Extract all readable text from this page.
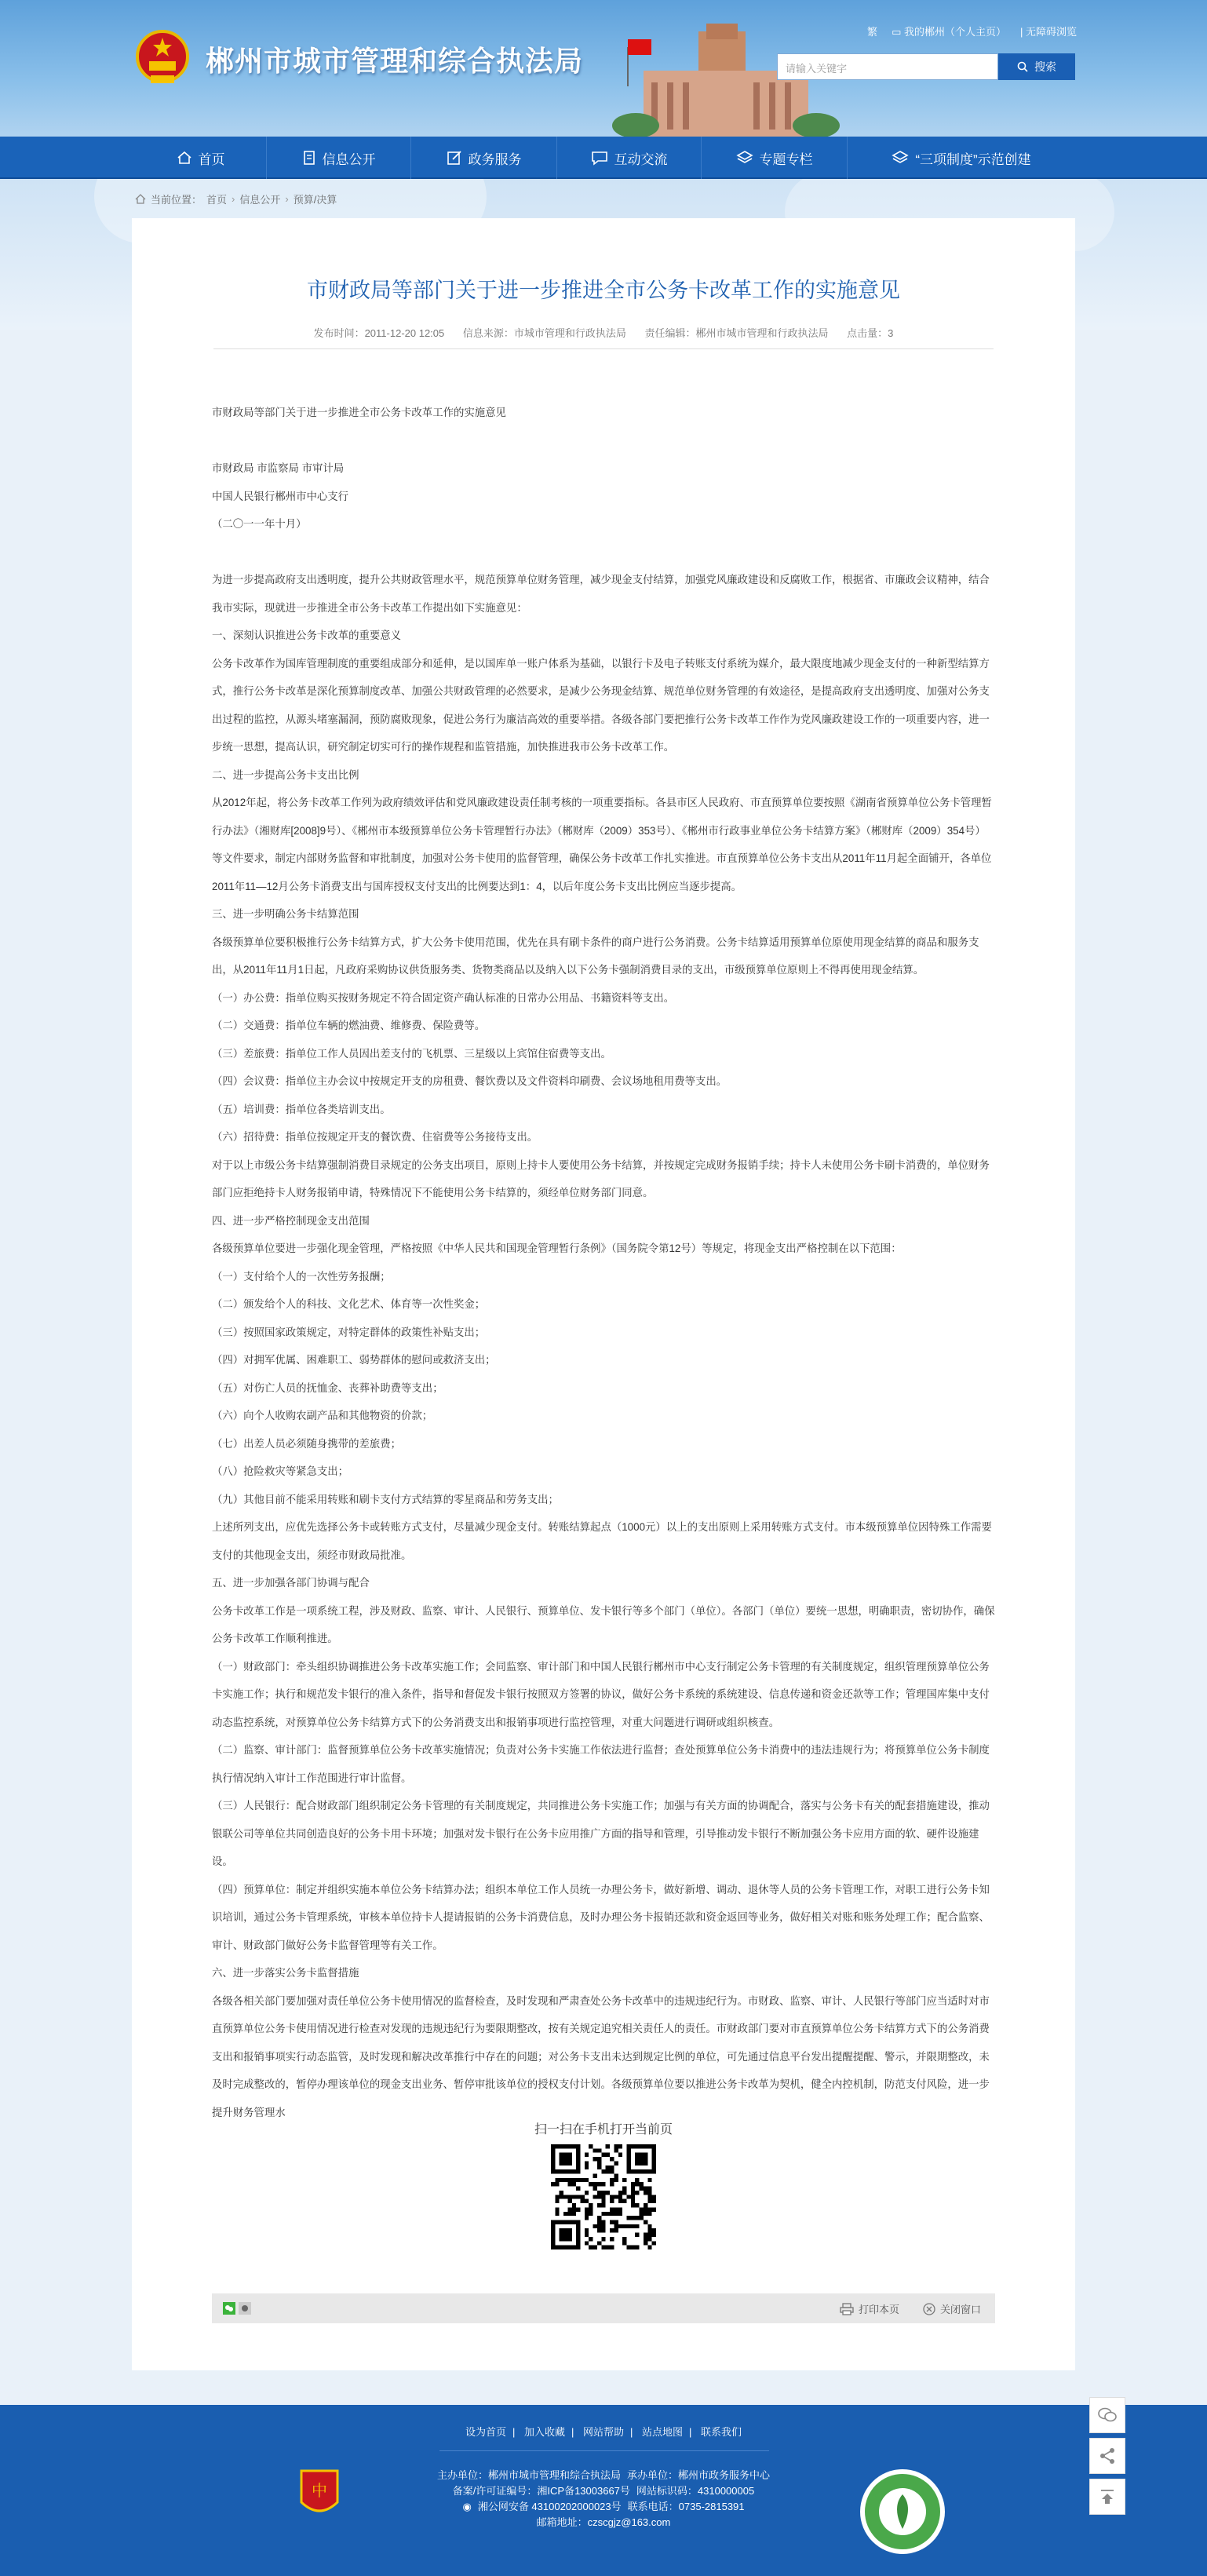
繁 ▭ 我的郴州（个人主页） | 无障碍浏览
郴州市城市管理和综合执法局	请输入关键字	搜索
首页	信息公开	政务服务	互动交流	专题专栏	“三项制度”示范创建
当前位置： 首页 › 信息公开 › 预算/决算
市财政局等部门关于进一步推进全市公务卡改革工作的实施意见
发布时间：2011-12-20 12:05 信息来源：市城市管理和行政执法局 责任编辑：郴州市城市管理和行政执法局 点击量：3

市财政局等部门关于进一步推进全市公务卡改革工作的实施意见

市财政局 市监察局 市审计局

中国人民银行郴州市中心支行

（二〇一一年十月）

为进一步提高政府支出透明度，提升公共财政管理水平，规范预算单位财务管理，减少现金支付结算，加强党风廉政建设和反腐败工作，根据省、市廉政会议精神，结合我市实际，现就进一步推进全市公务卡改革工作提出如下实施意见：

一、深刻认识推进公务卡改革的重要意义

公务卡改革作为国库管理制度的重要组成部分和延伸，是以国库单一账户体系为基础，以银行卡及电子转账支付系统为媒介，最大限度地减少现金支付的一种新型结算方式，推行公务卡改革是深化预算制度改革、加强公共财政管理的必然要求，是减少公务现金结算、规范单位财务管理的有效途径，是提高政府支出透明度、加强对公务支出过程的监控，从源头堵塞漏洞，预防腐败现象，促进公务行为廉洁高效的重要举措。各级各部门要把推行公务卡改革工作作为党风廉政建设工作的一项重要内容，进一步统一思想，提高认识，研究制定切实可行的操作规程和监管措施，加快推进我市公务卡改革工作。

二、进一步提高公务卡支出比例

从2012年起，将公务卡改革工作列为政府绩效评估和党风廉政建设责任制考核的一项重要指标。各县市区人民政府、市直预算单位要按照《湖南省预算单位公务卡管理暂行办法》（湘财库[2008]9号）、《郴州市本级预算单位公务卡管理暂行办法》（郴财库（2009）353号）、《郴州市行政事业单位公务卡结算方案》（郴财库（2009）354号）等文件要求，制定内部财务监督和审批制度，加强对公务卡使用的监督管理，确保公务卡改革工作扎实推进。市直预算单位公务卡支出从2011年11月起全面铺开，各单位2011年11—12月公务卡消费支出与国库授权支付支出的比例要达到1：4，以后年度公务卡支出比例应当逐步提高。

三、进一步明确公务卡结算范围

各级预算单位要积极推行公务卡结算方式，扩大公务卡使用范围，优先在具有刷卡条件的商户进行公务消费。公务卡结算适用预算单位原使用现金结算的商品和服务支出，从2011年11月1日起，凡政府采购协议供货服务类、货物类商品以及纳入以下公务卡强制消费目录的支出，市级预算单位原则上不得再使用现金结算。

（一）办公费：指单位购买按财务规定不符合固定资产确认标准的日常办公用品、书籍资料等支出。

（二）交通费：指单位车辆的燃油费、维修费、保险费等。

（三）差旅费：指单位工作人员因出差支付的飞机票、三星级以上宾馆住宿费等支出。

（四）会议费：指单位主办会议中按规定开支的房租费、餐饮费以及文件资料印刷费、会议场地租用费等支出。

（五）培训费：指单位各类培训支出。

（六）招待费：指单位按规定开支的餐饮费、住宿费等公务接待支出。

对于以上市级公务卡结算强制消费目录规定的公务支出项目，原则上持卡人要使用公务卡结算，并按规定完成财务报销手续；持卡人未使用公务卡刷卡消费的，单位财务部门应拒绝持卡人财务报销申请，特殊情况下不能使用公务卡结算的，须经单位财务部门同意。

四、进一步严格控制现金支出范围

各级预算单位要进一步强化现金管理，严格按照《中华人民共和国现金管理暂行条例》（国务院令第12号）等规定，将现金支出严格控制在以下范围：

（一）支付给个人的一次性劳务报酬；

（二）颁发给个人的科技、文化艺术、体育等一次性奖金；

（三）按照国家政策规定，对特定群体的政策性补贴支出；

（四）对拥军优属、困难职工、弱势群体的慰问或救济支出；

（五）对伤亡人员的抚恤金、丧葬补助费等支出；

（六）向个人收购农副产品和其他物资的价款；

（七）出差人员必须随身携带的差旅费；

（八）抢险救灾等紧急支出；

（九）其他目前不能采用转账和刷卡支付方式结算的零星商品和劳务支出；

上述所列支出，应优先选择公务卡或转账方式支付，尽量减少现金支付。转账结算起点（1000元）以上的支出原则上采用转账方式支付。市本级预算单位因特殊工作需要支付的其他现金支出，须经市财政局批准。

五、进一步加强各部门协调与配合

公务卡改革工作是一项系统工程，涉及财政、监察、审计、人民银行、预算单位、发卡银行等多个部门（单位）。各部门（单位）要统一思想，明确职责，密切协作，确保公务卡改革工作顺利推进。

（一）财政部门：牵头组织协调推进公务卡改革实施工作；会同监察、审计部门和中国人民银行郴州市中心支行制定公务卡管理的有关制度规定，组织管理预算单位公务卡实施工作；执行和规范发卡银行的准入条件，指导和督促发卡银行按照双方签署的协议，做好公务卡系统的系统建设、信息传递和资金还款等工作；管理国库集中支付动态监控系统，对预算单位公务卡结算方式下的公务消费支出和报销事项进行监控管理，对重大问题进行调研或组织核查。

（二）监察、审计部门：监督预算单位公务卡改革实施情况；负责对公务卡实施工作依法进行监督；查处预算单位公务卡消费中的违法违规行为；将预算单位公务卡制度执行情况纳入审计工作范围进行审计监督。

（三）人民银行：配合财政部门组织制定公务卡管理的有关制度规定，共同推进公务卡实施工作；加强与有关方面的协调配合，落实与公务卡有关的配套措施建设，推动银联公司等单位共同创造良好的公务卡用卡环境；加强对发卡银行在公务卡应用推广方面的指导和管理，引导推动发卡银行不断加强公务卡应用方面的软、硬件设施建设。

（四）预算单位：制定并组织实施本单位公务卡结算办法；组织本单位工作人员统一办理公务卡，做好新增、调动、退休等人员的公务卡管理工作，对职工进行公务卡知识培训，通过公务卡管理系统，审核本单位持卡人提请报销的公务卡消费信息，及时办理公务卡报销还款和资金返回等业务，做好相关对账和账务处理工作；配合监察、审计、财政部门做好公务卡监督管理等有关工作。

六、进一步落实公务卡监督措施

各级各相关部门要加强对责任单位公务卡使用情况的监督检查，及时发现和严肃查处公务卡改革中的违规违纪行为。市财政、监察、审计、人民银行等部门应当适时对市直预算单位公务卡使用情况进行检查对发现的违规违纪行为要限期整改，按有关规定追究相关责任人的责任。市财政部门要对市直预算单位公务卡结算方式下的公务消费支出和报销事项实行动态监管，及时发现和解决改革推行中存在的问题；对公务卡支出未达到规定比例的单位，可先通过信息平台发出提醒提醒、警示，并限期整改，未及时完成整改的，暂停办理该单位的现金支出业务、暂停审批该单位的授权支付计划。各级预算单位要以推进公务卡改革为契机，健全内控机制，防范支付风险，进一步提升财务管理水

扫一扫在手机打开当前页
打印本页	关闭窗口
设为首页 | 加入收藏 | 网站帮助 | 站点地图 | 联系我们
中
主办单位：郴州市城市管理和综合执法局 承办单位：郴州市政务服务中心
备案/许可证编号：湘ICP备13003667号 网站标识码：4310000005
◉ 湘公网安备 43100202000023号 联系电话：0735-2815391
邮箱地址：czscgjz@163.com
